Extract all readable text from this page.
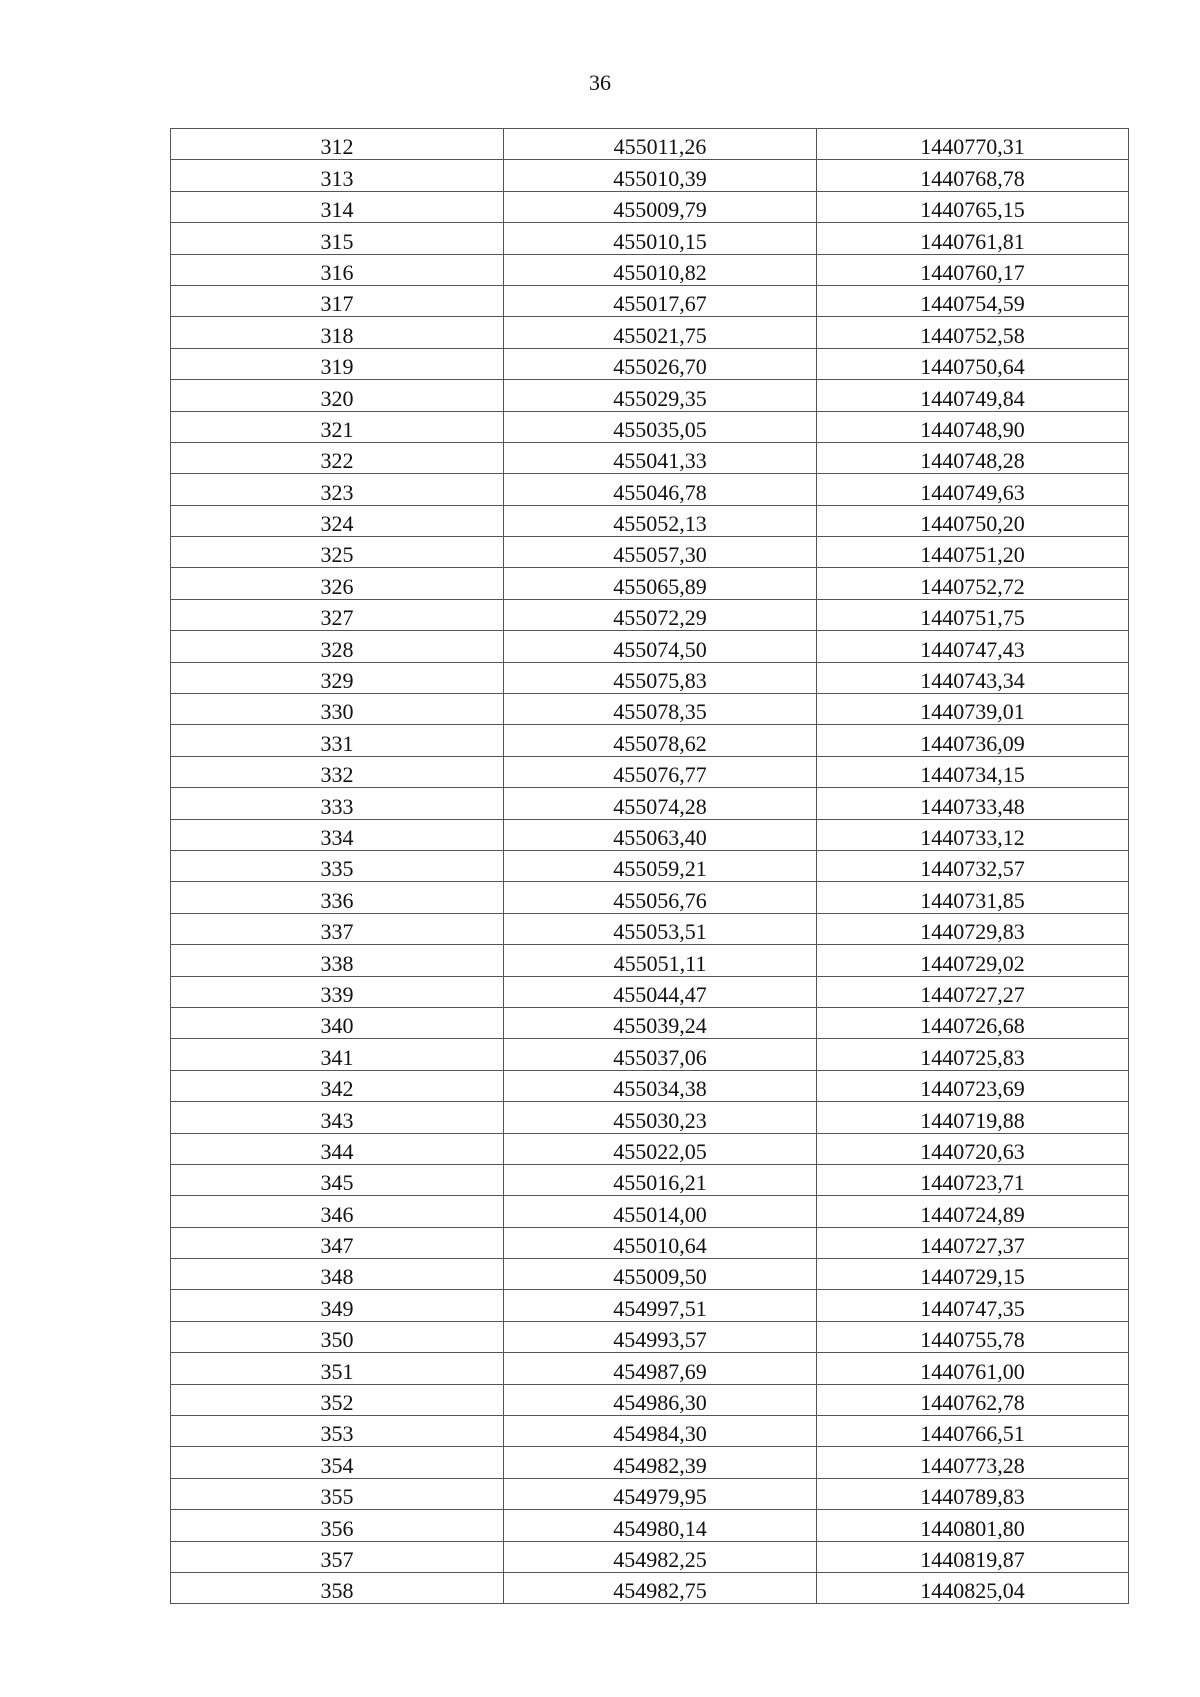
36
312	455011,26	1440770,31
313	455010,39	1440768,78
314	455009,79	1440765,15
315	455010,15	1440761,81
316	455010,82	1440760,17
317	455017,67	1440754,59
318	455021,75	1440752,58
319	455026,70	1440750,64
320	455029,35	1440749,84
321	455035,05	1440748,90
322	455041,33	1440748,28
323	455046,78	1440749,63
324	455052,13	1440750,20
325	455057,30	1440751,20
326	455065,89	1440752,72
327	455072,29	1440751,75
328	455074,50	1440747,43
329	455075,83	1440743,34
330	455078,35	1440739,01
331	455078,62	1440736,09
332	455076,77	1440734,15
333	455074,28	1440733,48
334	455063,40	1440733,12
335	455059,21	1440732,57
336	455056,76	1440731,85
337	455053,51	1440729,83
338	455051,11	1440729,02
339	455044,47	1440727,27
340	455039,24	1440726,68
341	455037,06	1440725,83
342	455034,38	1440723,69
343	455030,23	1440719,88
344	455022,05	1440720,63
345	455016,21	1440723,71
346	455014,00	1440724,89
347	455010,64	1440727,37
348	455009,50	1440729,15
349	454997,51	1440747,35
350	454993,57	1440755,78
351	454987,69	1440761,00
352	454986,30	1440762,78
353	454984,30	1440766,51
354	454982,39	1440773,28
355	454979,95	1440789,83
356	454980,14	1440801,80
357	454982,25	1440819,87
358	454982,75	1440825,04
